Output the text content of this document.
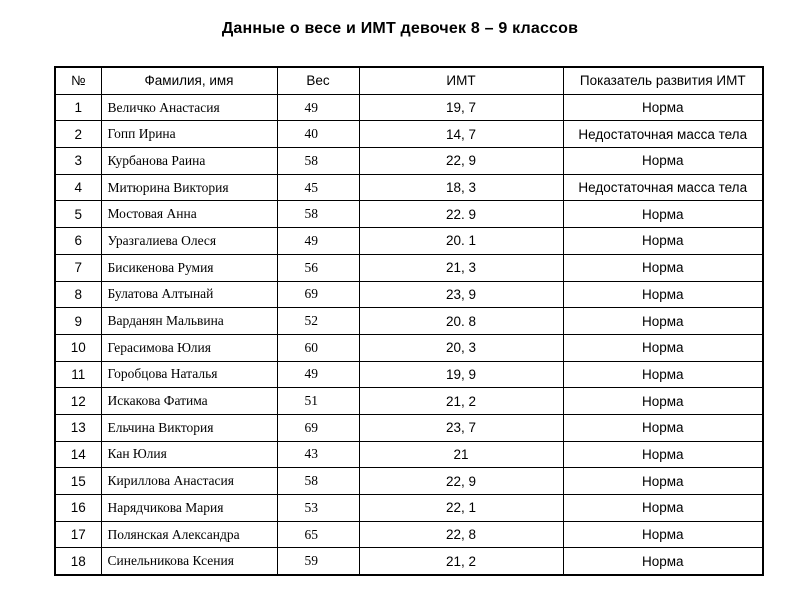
Данные о весе и ИМТ девочек 8 – 9 классов
№	Фамилия, имя	Вес	ИМТ	Показатель развития ИМТ
1	Величко Анастасия	49	19, 7	Норма
2	Гопп Ирина	40	14, 7	Недостаточная масса тела
3	Курбанова Раина	58	22, 9	Норма
4	Митюрина Виктория	45	18, 3	Недостаточная масса тела
5	Мостовая Анна	58	22. 9	Норма
6	Уразгалиева Олеся	49	20. 1	Норма
7	Бисикенова Румия	56	21, 3	Норма
8	Булатова Алтынай	69	23, 9	Норма
9	Варданян Мальвина	52	20. 8	Норма
10	Герасимова Юлия	60	20, 3	Норма
11	Горобцова Наталья	49	19, 9	Норма
12	Искакова Фатима	51	21, 2	Норма
13	Ельчина Виктория	69	23, 7	Норма
14	Кан Юлия	43	21	Норма
15	Кириллова Анастасия	58	22, 9	Норма
16	Нарядчикова Мария	53	22, 1	Норма
17	Полянская Александра	65	22, 8	Норма
18	Синельникова Ксения	59	21, 2	Норма
